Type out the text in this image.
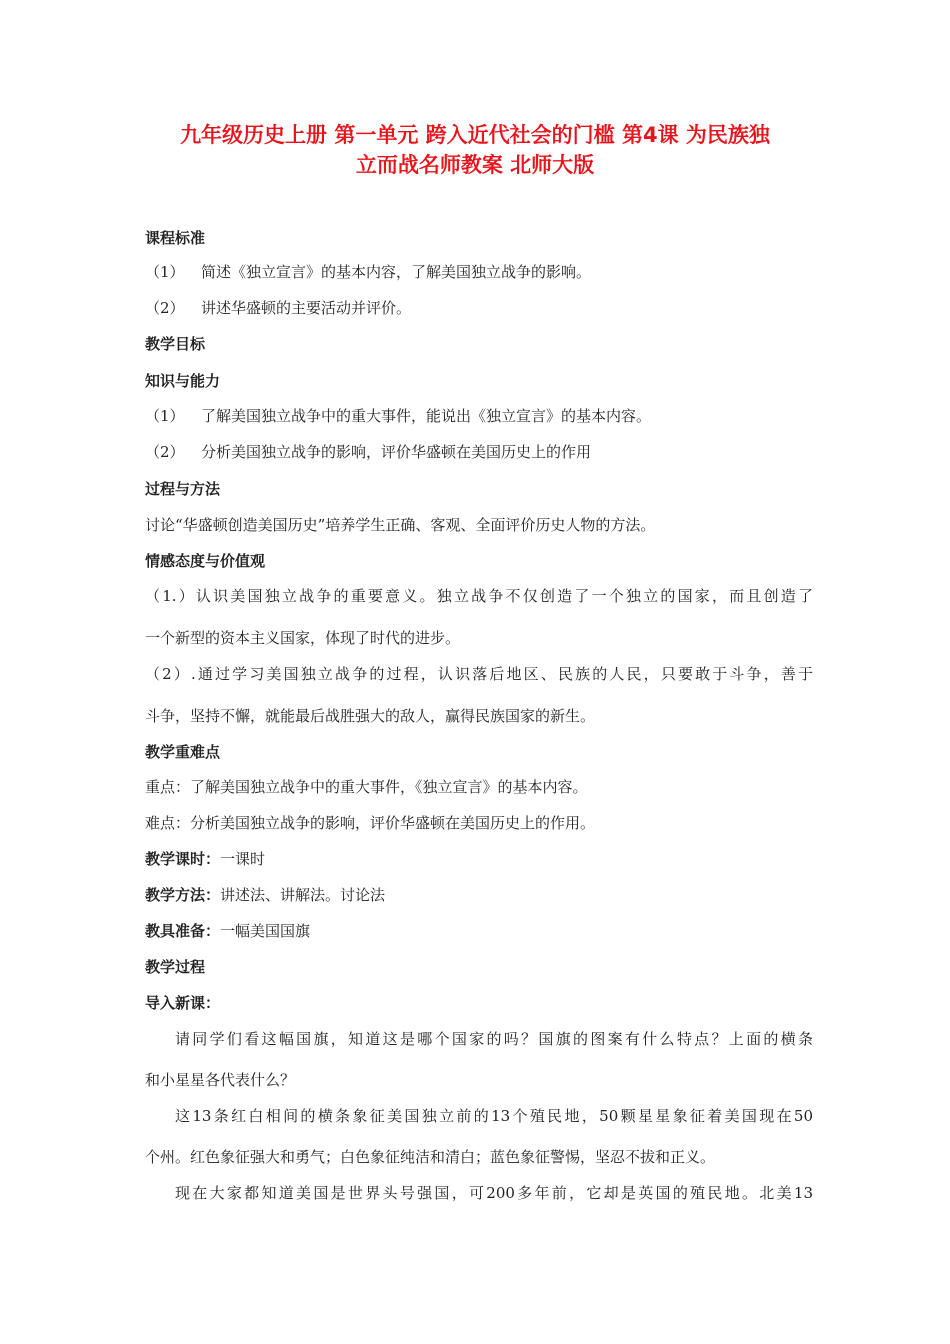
九年级历史上册 第一单元 跨入近代社会的门槛 第4课 为民族独
立而战名师教案 北师大版
课程标准
（1） 简述《独立宣言》的基本内容，了解美国独立战争的影响。
（2） 讲述华盛顿的主要活动并评价。
教学目标
知识与能力
（1） 了解美国独立战争中的重大事件，能说出《独立宣言》的基本内容。
（2） 分析美国独立战争的影响，评价华盛顿在美国历史上的作用
过程与方法
讨论“华盛顿创造美国历史”培养学生正确、客观、全面评价历史人物的方法。
情感态度与价值观
（1.）认识美国独立战争的重要意义。独立战争不仅创造了一个独立的国家，而且创造了
一个新型的资本主义国家，体现了时代的进步。
（2）.通过学习美国独立战争的过程，认识落后地区、民族的人民，只要敢于斗争，善于
斗争，坚持不懈，就能最后战胜强大的敌人，赢得民族国家的新生。
教学重难点
重点：了解美国独立战争中的重大事件，《独立宣言》的基本内容。
难点：分析美国独立战争的影响，评价华盛顿在美国历史上的作用。
教学课时：一课时
教学方法：讲述法、讲解法。讨论法
教具准备：一幅美国国旗
教学过程
导入新课：
请同学们看这幅国旗，知道这是哪个国家的吗？国旗的图案有什么特点？上面的横条
和小星星各代表什么？
这13条红白相间的横条象征美国独立前的13个殖民地，50颗星星象征着美国现在50
个州。红色象征强大和勇气；白色象征纯洁和清白；蓝色象征警惕，坚忍不拔和正义。
现在大家都知道美国是世界头号强国，可200多年前，它却是英国的殖民地。北美13
